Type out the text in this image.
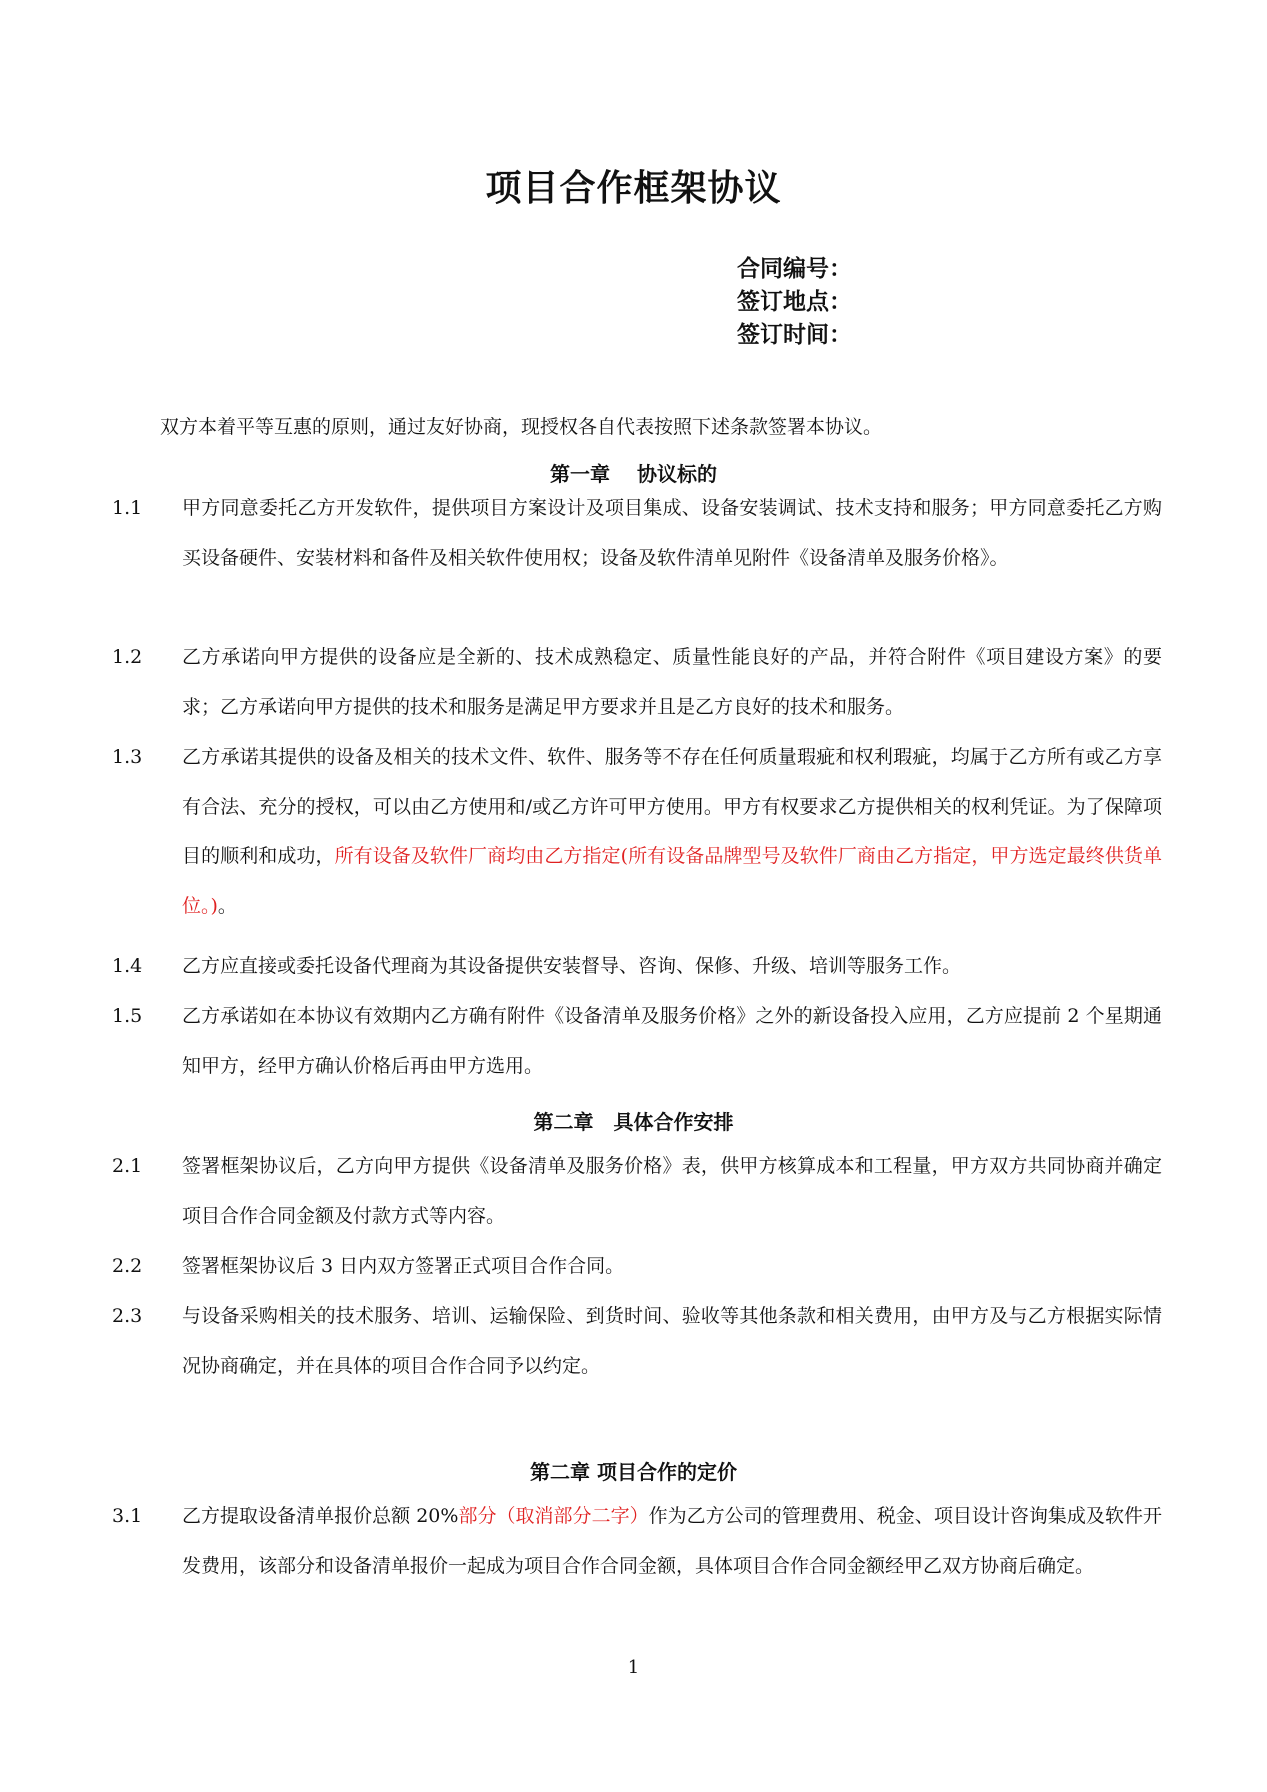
项目合作框架协议
合同编号：
签订地点：
签订时间：
双方本着平等互惠的原则，通过友好协商，现授权各自代表按照下述条款签署本协议。
第一章　 协议标的
1.1	甲方同意委托乙方开发软件，提供项目方案设计及项目集成、设备安装调试、技术支持和服务；甲方同意委托乙方购买设备硬件、安装材料和备件及相关软件使用权；设备及软件清单见附件《设备清单及服务价格》。
1.2	乙方承诺向甲方提供的设备应是全新的、技术成熟稳定、质量性能良好的产品，并符合附件《项目建设方案》的要求；乙方承诺向甲方提供的技术和服务是满足甲方要求并且是乙方良好的技术和服务。
1.3	乙方承诺其提供的设备及相关的技术文件、软件、服务等不存在任何质量瑕疵和权利瑕疵，均属于乙方所有或乙方享有合法、充分的授权，可以由乙方使用和/或乙方许可甲方使用。甲方有权要求乙方提供相关的权利凭证。为了保障项目的顺利和成功，所有设备及软件厂商均由乙方指定(所有设备品牌型号及软件厂商由乙方指定，甲方选定最终供货单位。)。
1.4	乙方应直接或委托设备代理商为其设备提供安装督导、咨询、保修、升级、培训等服务工作。
1.5	乙方承诺如在本协议有效期内乙方确有附件《设备清单及服务价格》之外的新设备投入应用，乙方应提前 2 个星期通知甲方，经甲方确认价格后再由甲方选用。
第二章　具体合作安排
2.1	签署框架协议后，乙方向甲方提供《设备清单及服务价格》表，供甲方核算成本和工程量，甲方双方共同协商并确定项目合作合同金额及付款方式等内容。
2.2	签署框架协议后 3 日内双方签署正式项目合作合同。
2.3	与设备采购相关的技术服务、培训、运输保险、到货时间、验收等其他条款和相关费用，由甲方及与乙方根据实际情况协商确定，并在具体的项目合作合同予以约定。
第二章 项目合作的定价
3.1	乙方提取设备清单报价总额 20%部分（取消部分二字）作为乙方公司的管理费用、税金、项目设计咨询集成及软件开发费用，该部分和设备清单报价一起成为项目合作合同金额，具体项目合作合同金额经甲乙双方协商后确定。
1
